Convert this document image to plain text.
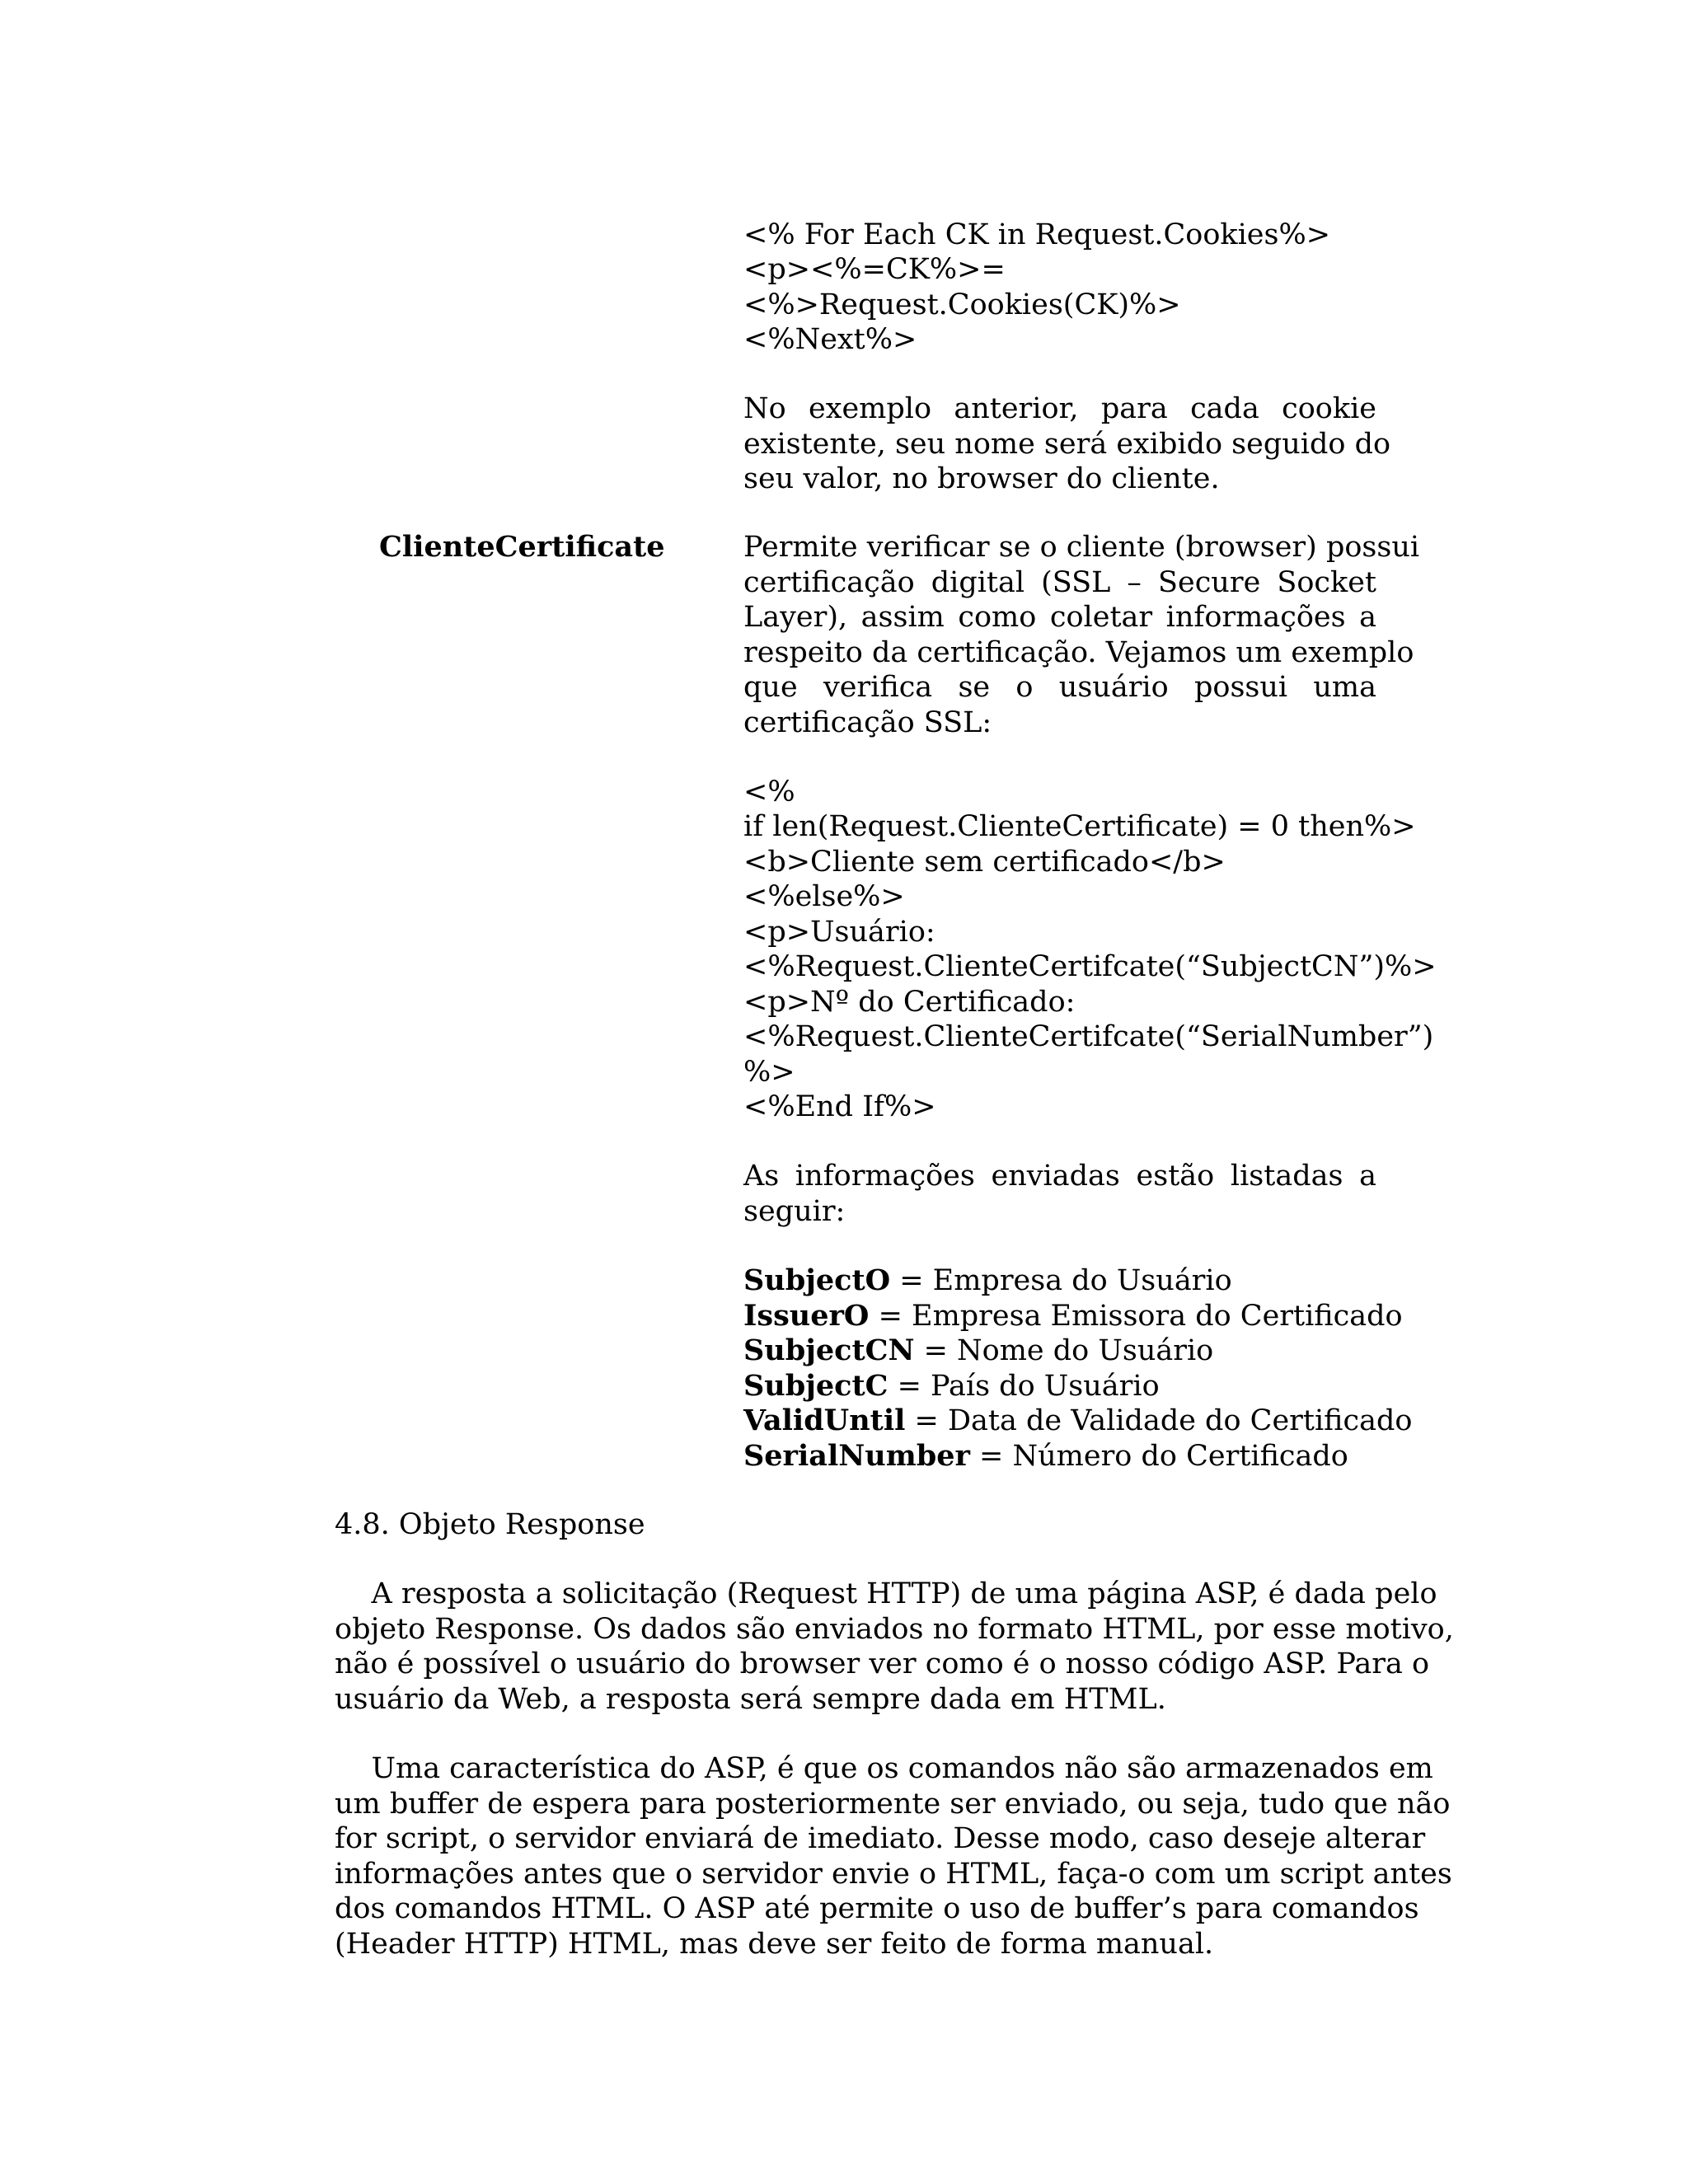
<% For Each CK in Request.Cookies%>
<p><%=CK%>=
<%>Request.Cookies(CK)%>
<%Next%>
No exemplo anterior, para cada cookie
existente, seu nome será exibido seguido do
seu valor, no browser do cliente.
ClienteCertificate	Permite verificar se o cliente (browser) possui
certificação digital (SSL – Secure Socket
Layer), assim como coletar informações a
respeito da certificação. Vejamos um exemplo
que verifica se o usuário possui uma
certificação SSL:
<%
if len(Request.ClienteCertificate) = 0 then%>
<b>Cliente sem certificado</b>
<%else%>
<p>Usuário:
<%Request.ClienteCertifcate(“SubjectCN”)%>
<p>Nº do Certificado:
<%Request.ClienteCertifcate(“SerialNumber”)
%>
<%End If%>
As informações enviadas estão listadas a
seguir:
SubjectO = Empresa do Usuário
IssuerO = Empresa Emissora do Certificado
SubjectCN = Nome do Usuário
SubjectC = País do Usuário
ValidUntil = Data de Validade do Certificado
SerialNumber = Número do Certificado
4.8. Objeto Response
A resposta a solicitação (Request HTTP) de uma página ASP, é dada pelo
objeto Response. Os dados são enviados no formato HTML, por esse motivo,
não é possível o usuário do browser ver como é o nosso código ASP. Para o
usuário da Web, a resposta será sempre dada em HTML.
Uma característica do ASP, é que os comandos não são armazenados em
um buffer de espera para posteriormente ser enviado, ou seja, tudo que não
for script, o servidor enviará de imediato. Desse modo, caso deseje alterar
informações antes que o servidor envie o HTML, faça-o com um script antes
dos comandos HTML. O ASP até permite o uso de buffer’s para comandos
(Header HTTP) HTML, mas deve ser feito de forma manual.
